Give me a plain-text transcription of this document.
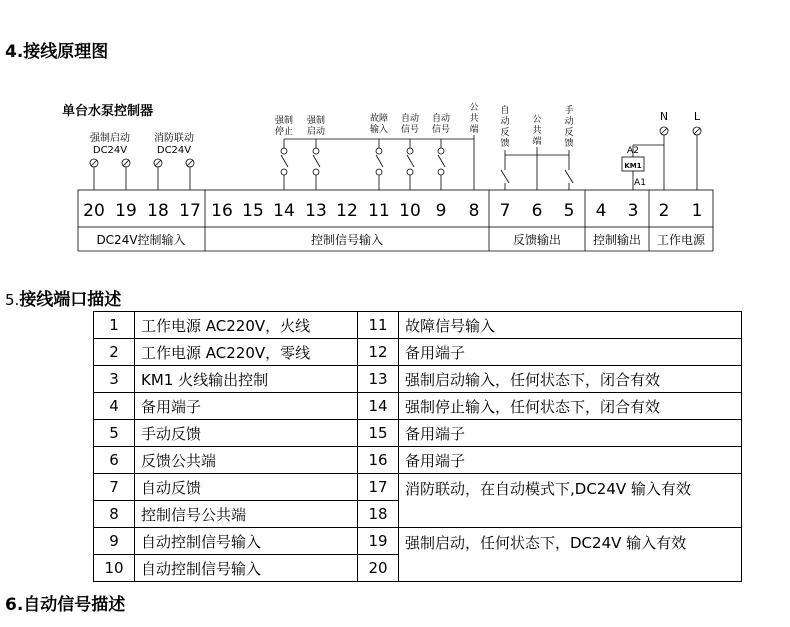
4.接线原理图
单台水泵控制器
强制启动
DC24V
消防联动
DC24V
强制
停止
强制
启动
故障
输入
自动
信号
自动
信号
公
共
端
自
动
反
馈
公
共
端
手
动
反
馈
N L
A2
KM1
A1
20 19 18 17 16 15 14 13 12 11 10 9 8 7 6 5 4 3 2 1
DC24V控制输入	控制信号输入	反馈输出	控制输出 工作电源
5.接线端口描述
1	工作电源 AC220V，火线	11	故障信号输入
2	工作电源 AC220V，零线	12	备用端子
3	KM1 火线输出控制	13	强制启动输入，任何状态下，闭合有效
4	备用端子	14	强制停止输入，任何状态下，闭合有效
5	手动反馈	15	备用端子
6	反馈公共端	16	备用端子
7	自动反馈	17	消防联动，在自动模式下,DC24V 输入有效
8	控制信号公共端	18	
9	自动控制信号输入	19	强制启动，任何状态下，DC24V 输入有效
10	自动控制信号输入	20	
6.自动信号描述
